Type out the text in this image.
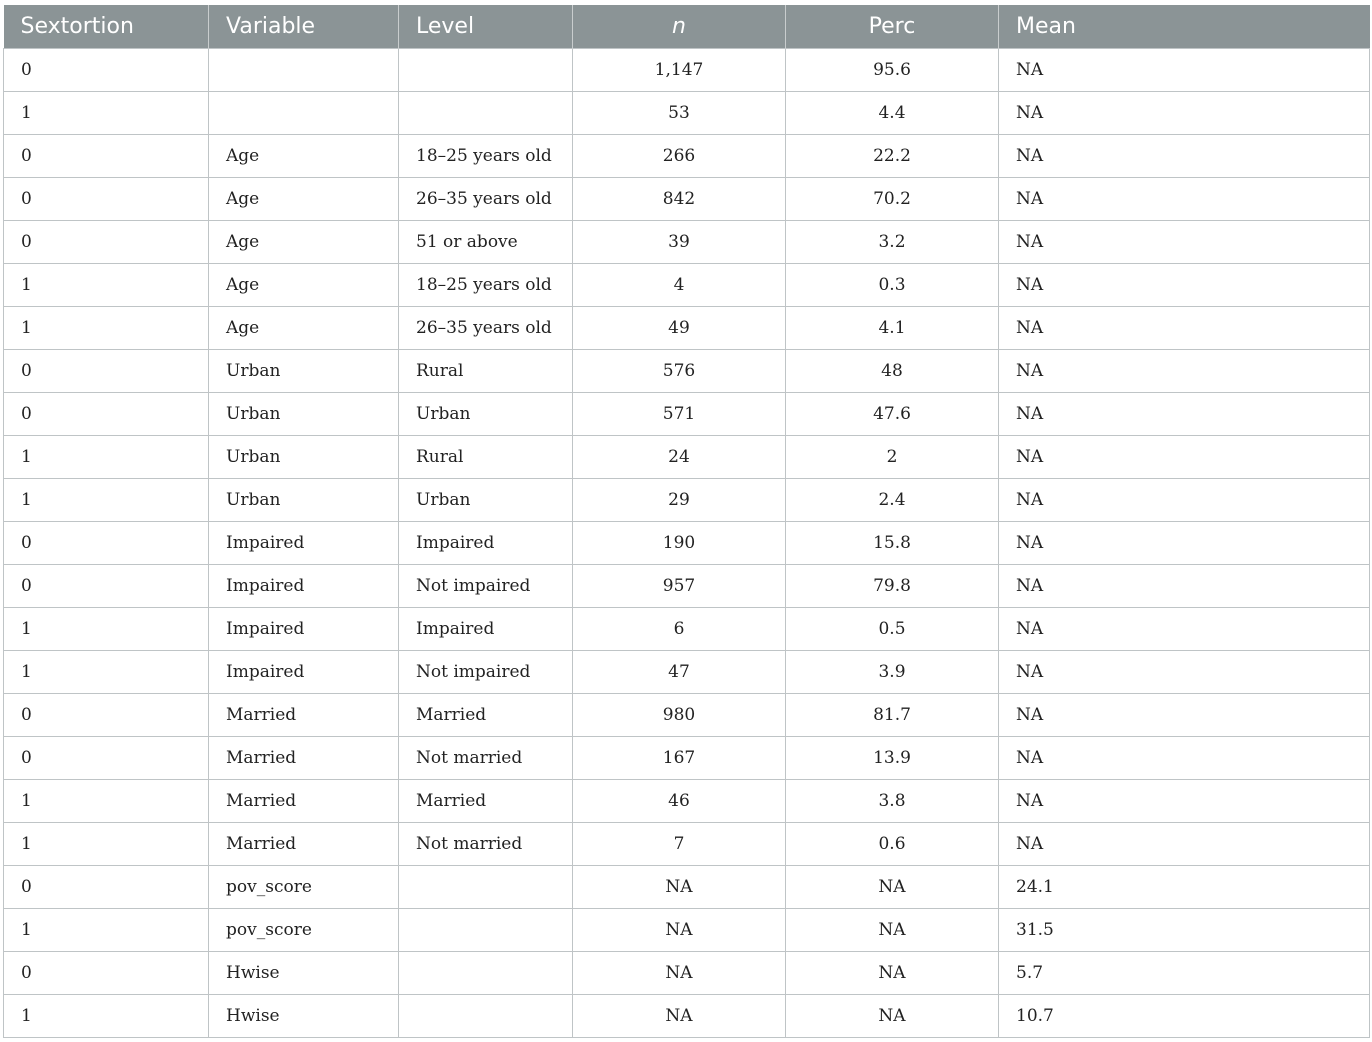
Sextortion	Variable	Level	n	Perc	Mean
0			1,147	95.6	NA
1			53	4.4	NA
0	Age	18–25 years old	266	22.2	NA
0	Age	26–35 years old	842	70.2	NA
0	Age	51 or above	39	3.2	NA
1	Age	18–25 years old	4	0.3	NA
1	Age	26–35 years old	49	4.1	NA
0	Urban	Rural	576	48	NA
0	Urban	Urban	571	47.6	NA
1	Urban	Rural	24	2	NA
1	Urban	Urban	29	2.4	NA
0	Impaired	Impaired	190	15.8	NA
0	Impaired	Not impaired	957	79.8	NA
1	Impaired	Impaired	6	0.5	NA
1	Impaired	Not impaired	47	3.9	NA
0	Married	Married	980	81.7	NA
0	Married	Not married	167	13.9	NA
1	Married	Married	46	3.8	NA
1	Married	Not married	7	0.6	NA
0	pov_score		NA	NA	24.1
1	pov_score		NA	NA	31.5
0	Hwise		NA	NA	5.7
1	Hwise		NA	NA	10.7
